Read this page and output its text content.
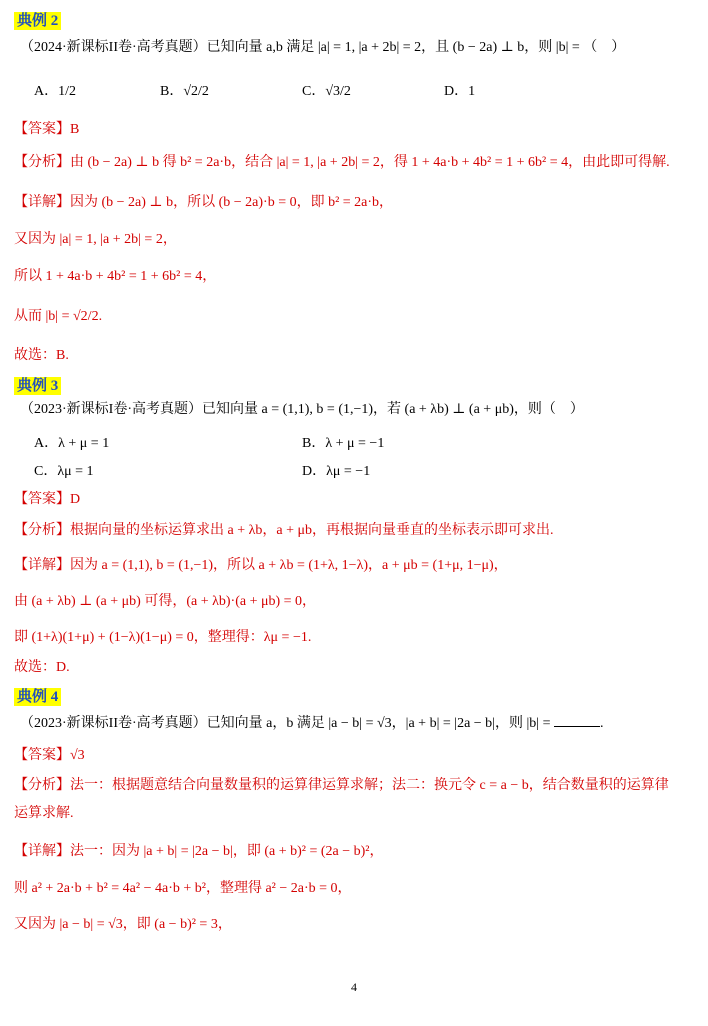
典例 2
（2024·新课标II卷·高考真题）已知向量 a,b 满足 |a| = 1, |a + 2b| = 2，且 (b − 2a) ⊥ b，则 |b| = （　）
A．1/2	B．√2/2	C．√3/2	D．1
【答案】B
【分析】由 (b − 2a) ⊥ b 得 b² = 2a·b，结合 |a| = 1, |a + 2b| = 2，得 1 + 4a·b + 4b² = 1 + 6b² = 4，由此即可得解.
【详解】因为 (b − 2a) ⊥ b，所以 (b − 2a)·b = 0，即 b² = 2a·b，
又因为 |a| = 1, |a + 2b| = 2，
所以 1 + 4a·b + 4b² = 1 + 6b² = 4，
从而 |b| = √2/2.
故选：B.
典例 3
（2023·新课标I卷·高考真题）已知向量 a = (1,1), b = (1,−1)，若 (a + λb) ⊥ (a + μb)，则（　）
A．λ + μ = 1	B．λ + μ = −1
C．λμ = 1	D．λμ = −1
【答案】D
【分析】根据向量的坐标运算求出 a + λb，a + μb，再根据向量垂直的坐标表示即可求出.
【详解】因为 a = (1,1), b = (1,−1)，所以 a + λb = (1+λ, 1−λ)，a + μb = (1+μ, 1−μ)，
由 (a + λb) ⊥ (a + μb) 可得，(a + λb)·(a + μb) = 0，
即 (1+λ)(1+μ) + (1−λ)(1−μ) = 0，整理得：λμ = −1.
故选：D.
典例 4
（2023·新课标II卷·高考真题）已知向量 a，b 满足 |a − b| = √3，|a + b| = |2a − b|，则 |b| =	.
【答案】√3
【分析】法一：根据题意结合向量数量积的运算律运算求解；法二：换元令 c = a − b，结合数量积的运算律
运算求解.
【详解】法一：因为 |a + b| = |2a − b|，即 (a + b)² = (2a − b)²，
则 a² + 2a·b + b² = 4a² − 4a·b + b²，整理得 a² − 2a·b = 0，
又因为 |a − b| = √3，即 (a − b)² = 3，
4
